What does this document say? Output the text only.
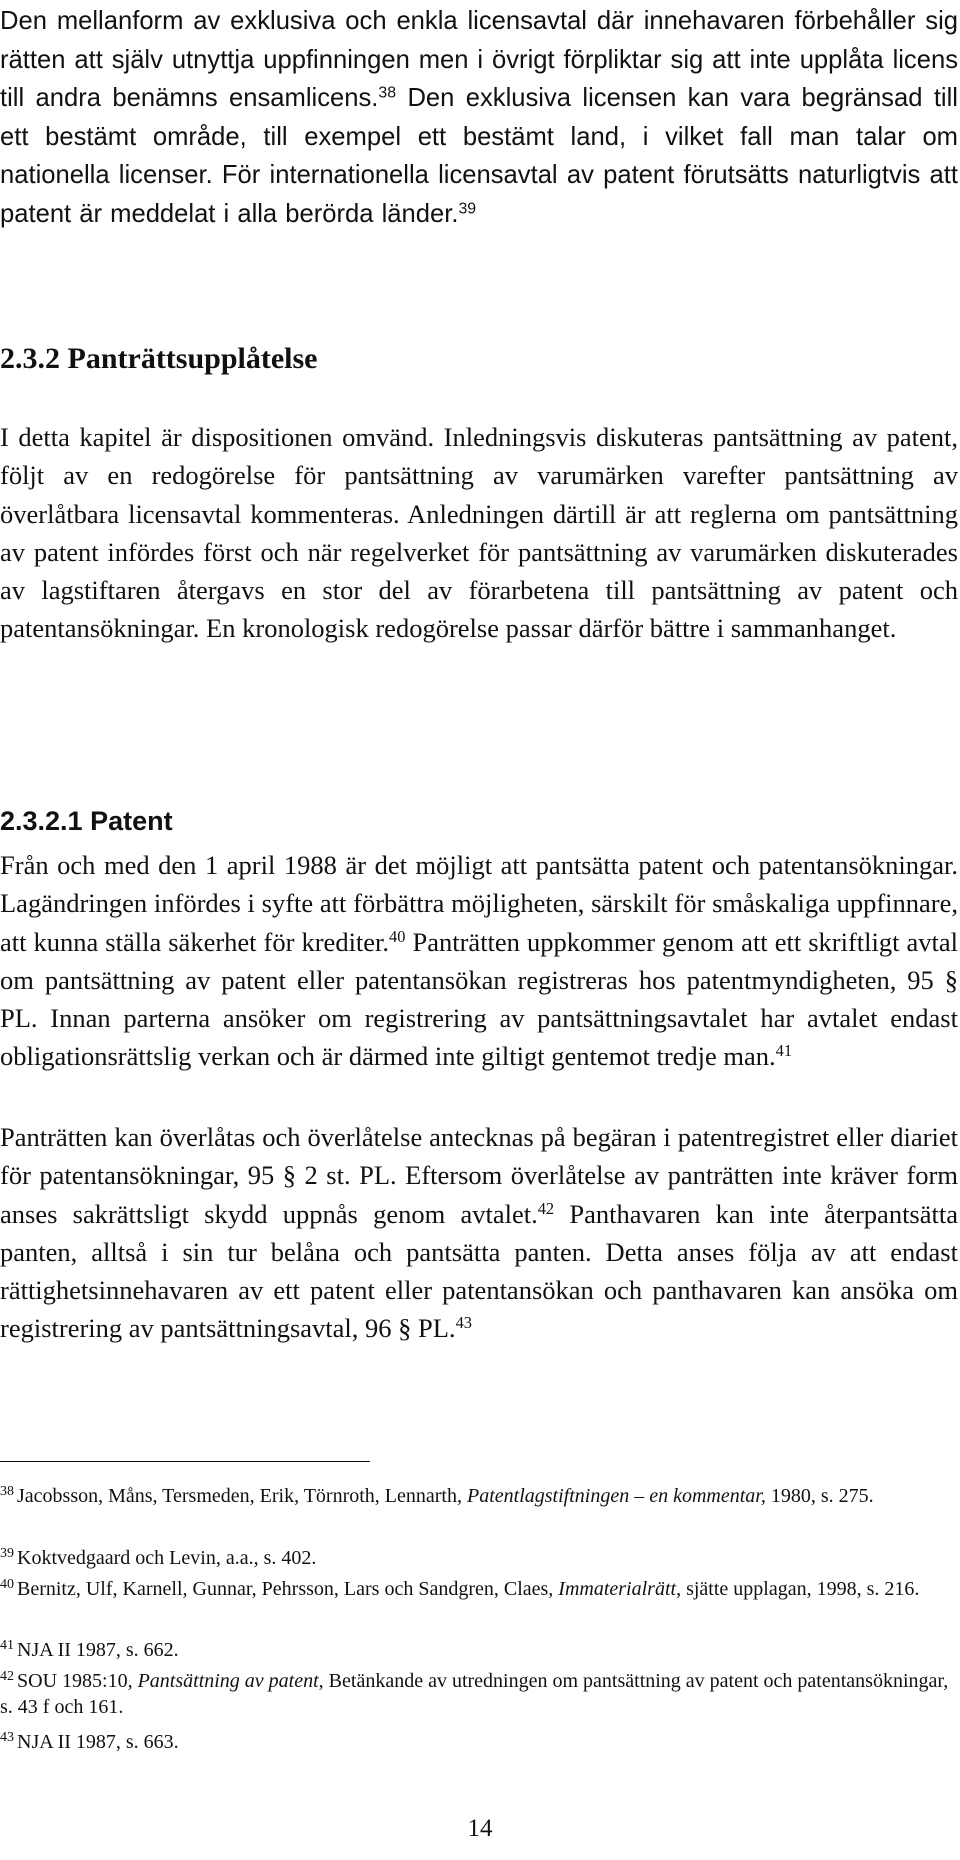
Den mellanform av exklusiva och enkla licensavtal där innehavaren förbehåller sig rätten att själv utnyttja uppfinningen men i övrigt förpliktar sig att inte upplåta licens till andra benämns ensamlicens.$^{38}$ Den exklusiva licensen kan vara begränsad till ett bestämt område, till exempel ett bestämt land, i vilket fall man talar om nationella licenser. För internationella licensavtal av patent förutsätts naturligtvis att patent är meddelat i alla berörda länder.$^{39}$

2.3.2 Panträttsupplåtelse

I detta kapitel är dispositionen omvänd. Inledningsvis diskuteras pantsättning av patent, följt av en redogörelse för pantsättning av varumärken varefter pantsättning av överlåtbara licensavtal kommenteras. Anledningen därtill är att reglerna om pantsättning av patent infördes först och när regelverket för pantsättning av varumärken diskuterades av lagstiftaren återgavs en stor del av förarbetena till pantsättning av patent och patentansökningar. En kronologisk redogörelse passar därför bättre i sammanhanget.

2.3.2.1 Patent

Från och med den 1 april 1988 är det möjligt att pantsätta patent och patentansökningar. Lagändringen infördes i syfte att förbättra möjligheten, särskilt för småskaliga uppfinnare, att kunna ställa säkerhet för krediter.$^{40}$ Panträtten uppkommer genom att ett skriftligt avtal om pantsättning av patent eller patentansökan registreras hos patentmyndigheten, 95 § PL. Innan parterna ansöker om registrering av pantsättningsavtalet har avtalet endast obligationsrättslig verkan och är därmed inte giltigt gentemot tredje man.$^{41}$

Panträtten kan överlåtas och överlåtelse antecknas på begäran i patentregistret eller diariet för patentansökningar, 95 § 2 st. PL. Eftersom överlåtelse av panträtten inte kräver form anses sakrättsligt skydd uppnås genom avtalet.$^{42}$ Panthavaren kan inte återpantsätta panten, alltså i sin tur belåna och pantsätta panten. Detta anses följa av att endast rättighetsinnehavaren av ett patent eller patentansökan och panthavaren kan ansöka om registrering av pantsättningsavtal, 96 § PL.$^{43}$

$^{38}$ Jacobsson, Måns, Tersmeden, Erik, Törnroth, Lennarth, Patentlagstiftningen – en kommentar, 1980, s. 275.
$^{39}$ Koktvedgaard och Levin, a.a., s. 402.
$^{40}$ Bernitz, Ulf, Karnell, Gunnar, Pehrsson, Lars och Sandgren, Claes, Immaterialrätt, sjätte upplagan, 1998, s. 216.
$^{41}$ NJA II 1987, s. 662.
$^{42}$ SOU 1985:10, Pantsättning av patent, Betänkande av utredningen om pantsättning av patent och patentansökningar, s. 43 f och 161.
$^{43}$ NJA II 1987, s. 663.
14
